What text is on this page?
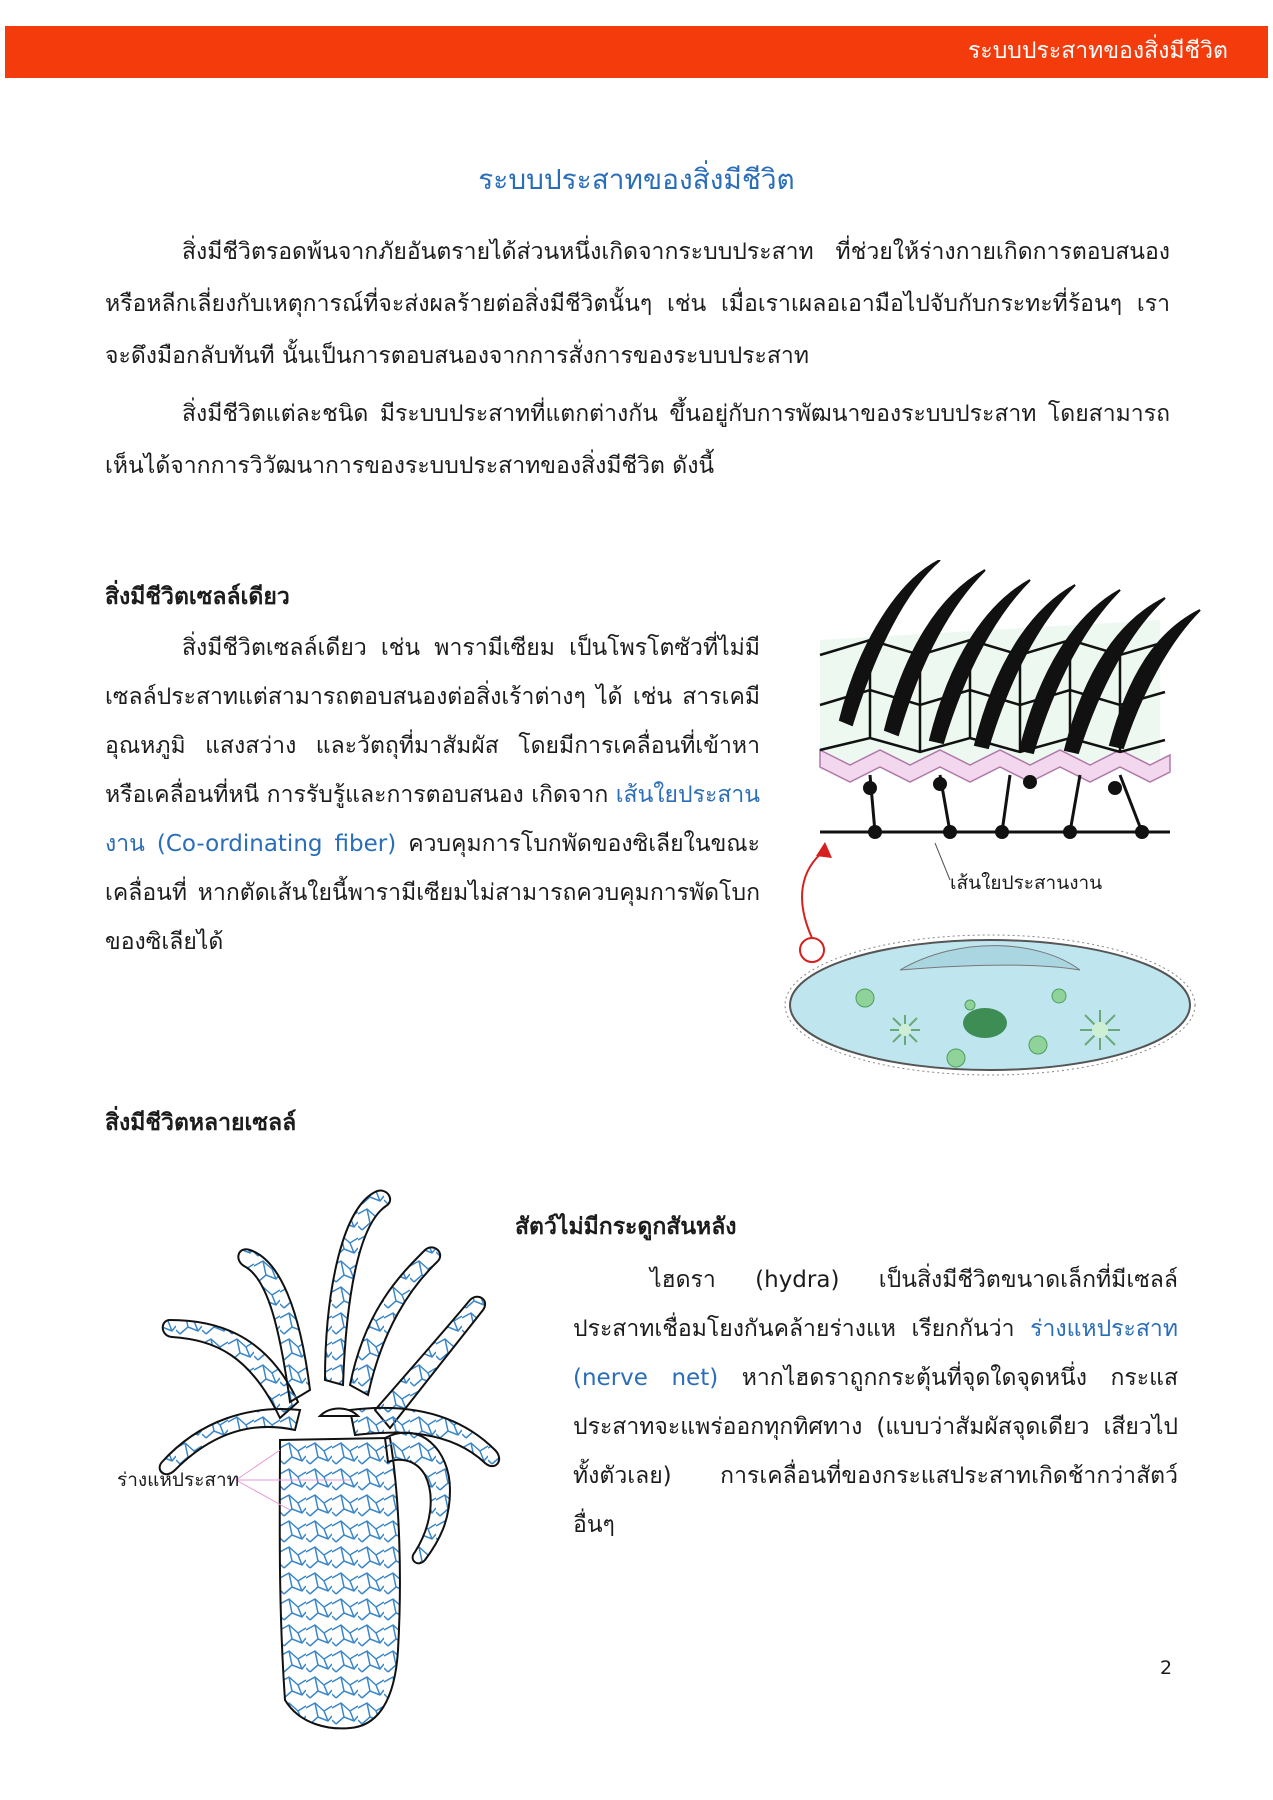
ระบบประสาทของสิ่งมีชีวิต
ระบบประสาทของสิ่งมีชีวิต

สิ่งมีชีวิตรอดพ้นจากภัยอันตรายได้ส่วนหนึ่งเกิดจากระบบประสาท ที่ช่วยให้ร่างกายเกิดการตอบสนอง หรือหลีกเลี่ยงกับเหตุการณ์ที่จะส่งผลร้ายต่อสิ่งมีชีวิตนั้นๆ เช่น เมื่อเราเผลอเอามือไปจับกับกระทะที่ร้อนๆ เราจะดึงมือกลับทันที นั้นเป็นการตอบสนองจากการสั่งการของระบบประสาท

สิ่งมีชีวิตแต่ละชนิด มีระบบประสาทที่แตกต่างกัน ขึ้นอยู่กับการพัฒนาของระบบประสาท โดยสามารถเห็นได้จากการวิวัฒนาการของระบบประสาทของสิ่งมีชีวิต ดังนี้

สิ่งมีชีวิตเซลล์เดียว

สิ่งมีชีวิตเซลล์เดียว เช่น พารามีเซียม เป็นโพรโตซัวที่ไม่มีเซลล์ประสาทแต่สามารถตอบสนองต่อสิ่งเร้าต่างๆ ได้ เช่น สารเคมี อุณหภูมิ แสงสว่าง และวัตถุที่มาสัมผัส โดยมีการเคลื่อนที่เข้าหาหรือเคลื่อนที่หนี การรับรู้และการตอบสนอง เกิดจาก เส้นใยประสานงาน (Co-ordinating fiber) ควบคุมการโบกพัดของซิเลียในขณะเคลื่อนที่ หากตัดเส้นใยนี้พารามีเซียมไม่สามารถควบคุมการพัดโบกของซิเลียได้

เส้นใยประสานงาน
สิ่งมีชีวิตหลายเซลล์
สัตว์ไม่มีกระดูกสันหลัง

ไฮดรา (hydra) เป็นสิ่งมีชีวิตขนาดเล็กที่มีเซลล์ประสาทเชื่อมโยงกันคล้ายร่างแห เรียกกันว่า ร่างแหประสาท (nerve net) หากไฮดราถูกกระตุ้นที่จุดใดจุดหนึ่ง กระแสประสาทจะแพร่ออกทุกทิศทาง (แบบว่าสัมผัสจุดเดียว เสียวไปทั้งตัวเลย) การเคลื่อนที่ของกระแสประสาทเกิดช้ากว่าสัตว์อื่นๆ

ร่างแหประสาท
2
